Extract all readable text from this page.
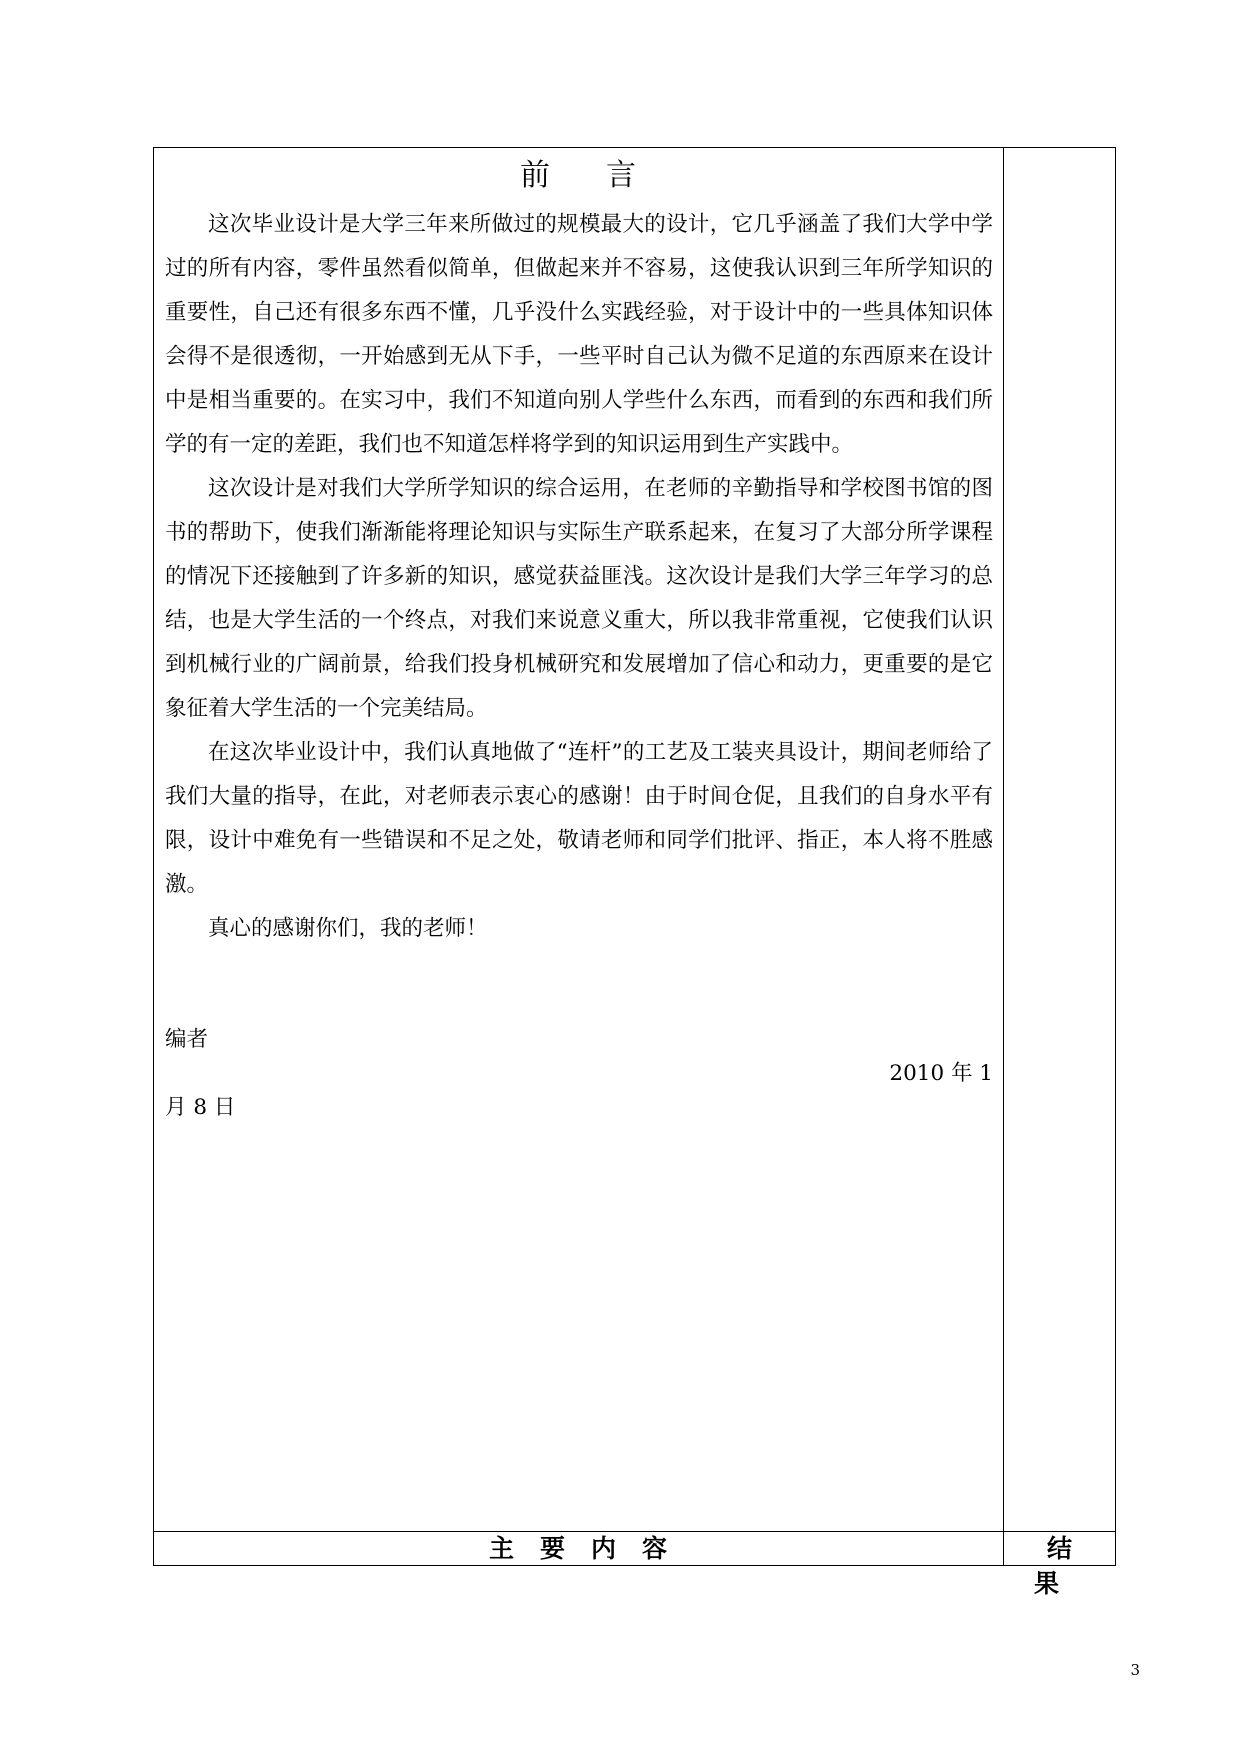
前言

这次毕业设计是大学三年来所做过的规模最大的设计，它几乎涵盖了我们大学中学过的所有内容，零件虽然看似简单，但做起来并不容易，这使我认识到三年所学知识的重要性，自己还有很多东西不懂，几乎没什么实践经验，对于设计中的一些具体知识体会得不是很透彻，一开始感到无从下手，一些平时自己认为微不足道的东西原来在设计中是相当重要的。在实习中，我们不知道向别人学些什么东西，而看到的东西和我们所学的有一定的差距，我们也不知道怎样将学到的知识运用到生产实践中。

这次设计是对我们大学所学知识的综合运用，在老师的辛勤指导和学校图书馆的图书的帮助下，使我们渐渐能将理论知识与实际生产联系起来，在复习了大部分所学课程的情况下还接触到了许多新的知识，感觉获益匪浅。这次设计是我们大学三年学习的总结，也是大学生活的一个终点，对我们来说意义重大，所以我非常重视，它使我们认识到机械行业的广阔前景，给我们投身机械研究和发展增加了信心和动力，更重要的是它象征着大学生活的一个完美结局。

在这次毕业设计中，我们认真地做了“连杆”的工艺及工装夹具设计，期间老师给了我们大量的指导，在此，对老师表示衷心的感谢！由于时间仓促，且我们的自身水平有限，设计中难免有一些错误和不足之处，敬请老师和同学们批评、指正，本人将不胜感激。

真心的感谢你们，我的老师！

编者
2010 年 1
月 8 日
主要内容	结果
3
